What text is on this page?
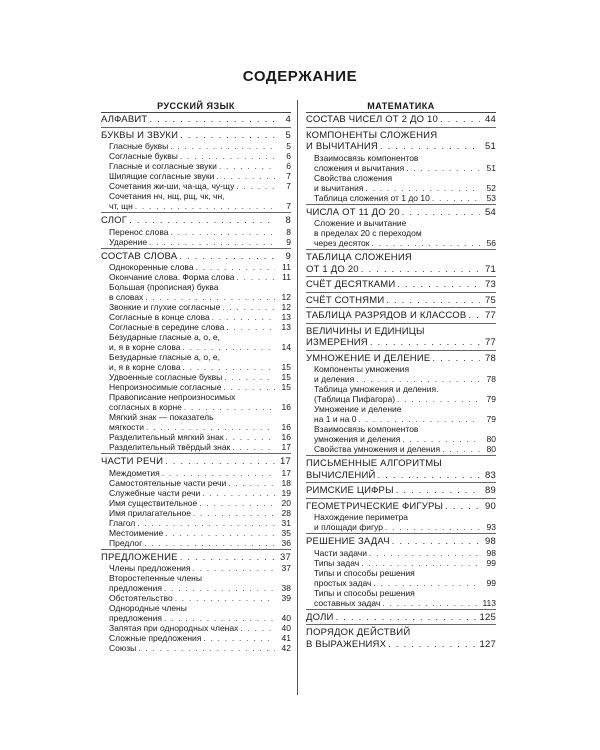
СОДЕРЖАНИЕ
РУССКИЙ ЯЗЫК
АЛФАВИТ . . .	4
БУКВЫ И ЗВУКИ . . .	5
Гласные буквы . . .	5
Согласные буквы . . .	6
Гласные и согласные звуки . . .	6
Шипящие согласные звуки . . .	7
Сочетания жи-ши, ча-ща, чу-щу . . .	7
Сочетания нч, нщ, рщ, чк, чн,
чт, щн . . .	7
СЛОГ . . .	8
Перенос слова . . .	8
Ударение . . .	9
СОСТАВ СЛОВА . . .	9
Однокоренные слова . . .	11
Окончание слова. Форма слова . . .	11
Большая (прописная) буква
в словах . . .	12
Звонкие и глухие согласные . . .	12
Согласные в конце слова . . .	13
Согласные в середине слова . . .	13
Безударные гласные а, о, е,
и, я в корне слова . . .	14
Безударные гласные а, о, е,
и, я в корне слова . . .	15
Удвоенные согласные буквы . . .	15
Непроизносимые согласные . . .	15
Правописание непроизносимых
согласных в корне . . .	16
Мягкий знак — показатель
мягкости . . .	16
Разделительный мягкий знак . . .	16
Разделительный твёрдый знак . . .	17
ЧАСТИ РЕЧИ . . .	17
Междометия . . .	17
Самостоятельные части речи . . .	18
Служебные части речи . . .	19
Имя существительное . . .	20
Имя прилагательное . . .	28
Глагол . . .	31
Местоимение . . .	35
Предлог . . .	36
ПРЕДЛОЖЕНИЕ . . .	37
Члены предложения . . .	37
Второстепенные члены
предложения . . .	38
Обстоятельство . . .	39
Однородные члены
предложения . . .	40
Запятая при однородных членах . . .	40
Сложные предложения . . .	41
Союзы . . .	42
МАТЕМАТИКА
СОСТАВ ЧИСЕЛ ОТ 2 ДО 10 . . .	44
КОМПОНЕНТЫ СЛОЖЕНИЯ
И ВЫЧИТАНИЯ . . .	51
Взаимосвязь компонентов
сложения и вычитания . . .	51
Свойства сложения
и вычитания . . .	52
Таблица сложения от 1 до 10 . . .	53
ЧИСЛА ОТ 11 ДО 20 . . .	54
Сложение и вычитание
в пределах 20 с переходом
через десяток . . .	56
ТАБЛИЦА СЛОЖЕНИЯ
ОТ 1 ДО 20 . . .	71
СЧЁТ ДЕСЯТКАМИ . . .	73
СЧЁТ СОТНЯМИ . . .	75
ТАБЛИЦА РАЗРЯДОВ И КЛАССОВ . . .	77
ВЕЛИЧИНЫ И ЕДИНИЦЫ
ИЗМЕРЕНИЯ . . .	77
УМНОЖЕНИЕ И ДЕЛЕНИЕ . . .	78
Компоненты умножения
и деления . . .	78
Таблица умножения и деления.
(Таблица Пифагора) . . .	79
Умножение и деление
на 1 и на 0 . . .	79
Взаимосвязь компонентов
умножения и деления . . .	80
Свойства умножения и деления . . .	80
ПИСЬМЕННЫЕ АЛГОРИТМЫ
ВЫЧИСЛЕНИЙ . . .	83
РИМСКИЕ ЦИФРЫ . . .	89
ГЕОМЕТРИЧЕСКИЕ ФИГУРЫ . . .	90
Нахождение периметра
и площади фигур . . .	93
РЕШЕНИЕ ЗАДАЧ . . .	98
Части задачи . . .	98
Типы задач . . .	99
Типы и способы решения
простых задач . . .	99
Типы и способы решения
составных задач . . .	113
ДОЛИ . . .	125
ПОРЯДОК ДЕЙСТВИЙ
В ВЫРАЖЕНИЯХ . . .	127
